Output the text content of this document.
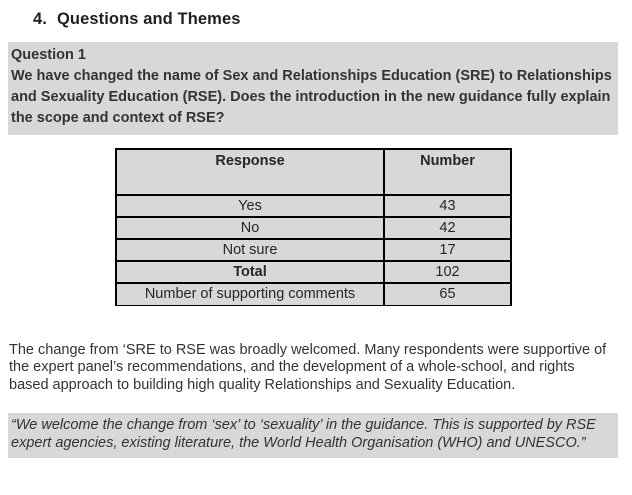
4. Questions and Themes
Question 1
We have changed the name of Sex and Relationships Education (SRE) to Relationships and Sexuality Education (RSE). Does the introduction in the new guidance fully explain the scope and context of RSE?
Response	Number
Yes	43
No	42
Not sure	17
Total	102
Number of supporting comments	65

The change from ‘SRE to RSE was broadly welcomed. Many respondents were supportive of the expert panel’s recommendations, and the development of a whole-school, and rights based approach to building high quality Relationships and Sexuality Education.

“We welcome the change from ‘sex’ to ‘sexuality’ in the guidance. This is supported by RSE expert agencies, existing literature, the World Health Organisation (WHO) and UNESCO.”
